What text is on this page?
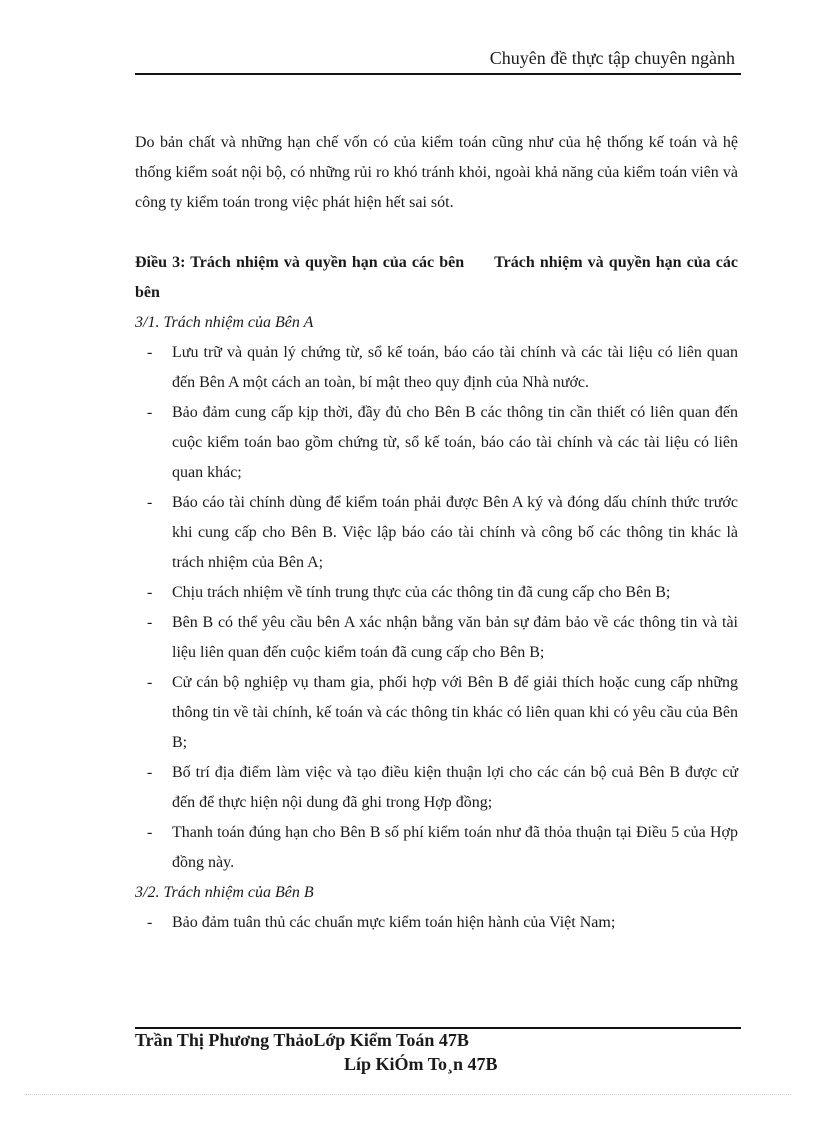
Chuyên đề thực tập chuyên ngành

Do bản chất và những hạn chế vốn có của kiểm toán cũng như của hệ thống kế toán và hệ thống kiểm soát nội bộ, có những rủi ro khó tránh khỏi, ngoài khả năng của kiểm toán viên và công ty kiểm toán trong việc phát hiện hết sai sót.

Điều 3: Trách nhiệm và quyền hạn của các bên Trách nhiệm và quyền hạn của các bên

3/1. Trách nhiệm của Bên A

- Lưu trữ và quản lý chứng từ, sổ kế toán, báo cáo tài chính và các tài liệu có liên quan đến Bên A một cách an toàn, bí mật theo quy định của Nhà nước.
- Bảo đảm cung cấp kịp thời, đầy đủ cho Bên B các thông tin cần thiết có liên quan đến cuộc kiểm toán bao gồm chứng từ, sổ kế toán, báo cáo tài chính và các tài liệu có liên quan khác;
- Báo cáo tài chính dùng để kiểm toán phải được Bên A ký và đóng dấu chính thức trước khi cung cấp cho Bên B. Việc lập báo cáo tài chính và công bố các thông tin khác là trách nhiệm của Bên A;
- Chịu trách nhiệm về tính trung thực của các thông tin đã cung cấp cho Bên B;
- Bên B có thể yêu cầu bên A xác nhận bằng văn bản sự đảm bảo về các thông tin và tài liệu liên quan đến cuộc kiểm toán đã cung cấp cho Bên B;
- Cử cán bộ nghiệp vụ tham gia, phối hợp với Bên B để giải thích hoặc cung cấp những thông tin về tài chính, kế toán và các thông tin khác có liên quan khi có yêu cầu của Bên B;
- Bố trí địa điểm làm việc và tạo điều kiện thuận lợi cho các cán bộ cuả Bên B được cử đến để thực hiện nội dung đã ghi trong Hợp đồng;
- Thanh toán đúng hạn cho Bên B số phí kiểm toán như đã thỏa thuận tại Điều 5 của Hợp đồng này.

3/2. Trách nhiệm của Bên B

- Bảo đảm tuân thủ các chuẩn mực kiểm toán hiện hành của Việt Nam;
Trần Thị Phương ThảoLớp Kiểm Toán 47B
Líp KiÓm To¸n 47B
